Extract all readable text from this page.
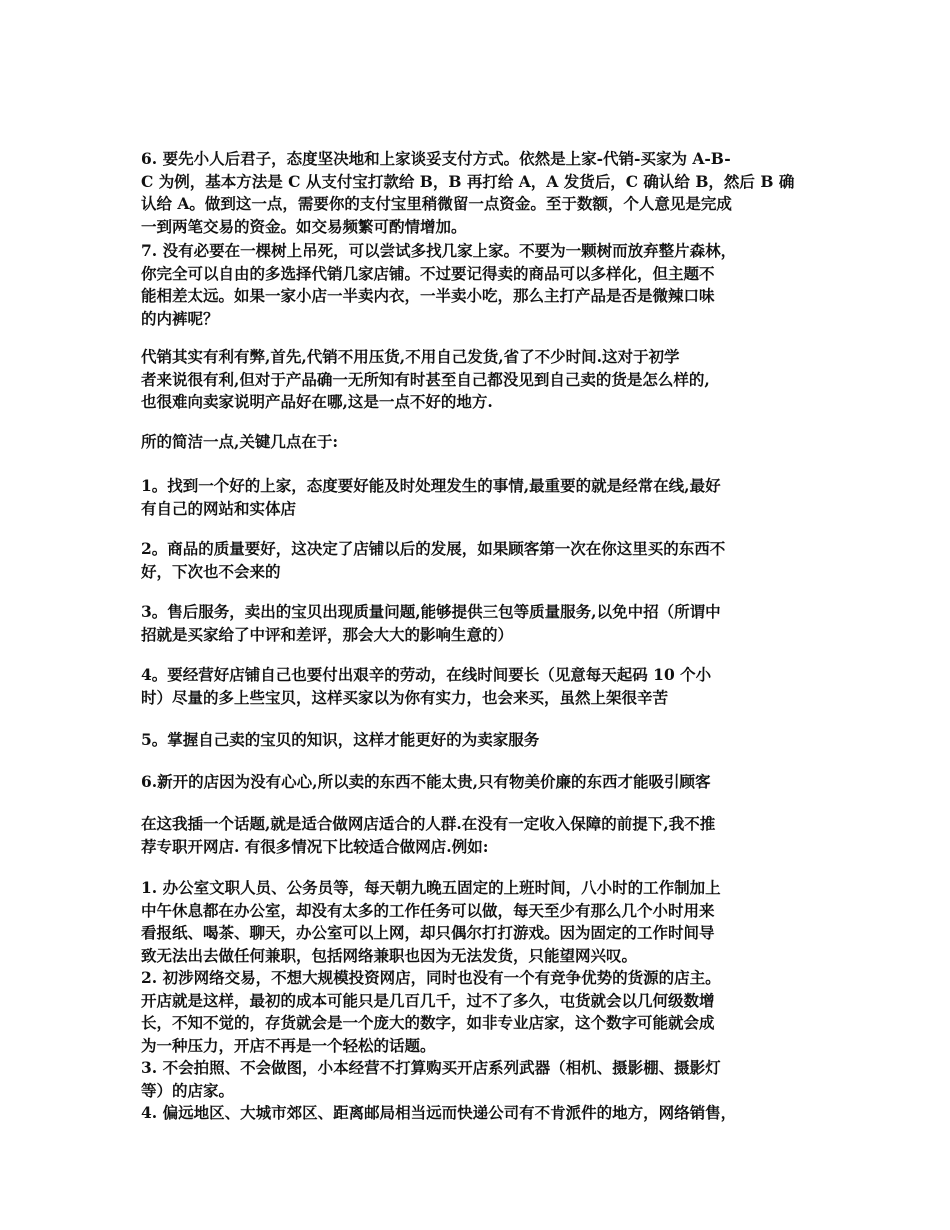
6. 要先小人后君子，态度坚决地和上家谈妥支付方式。依然是上家-代销-买家为 A-B-
C 为例，基本方法是 C 从支付宝打款给 B，B 再打给 A，A 发货后，C 确认给 B，然后 B 确
认给 A。做到这一点，需要你的支付宝里稍微留一点资金。至于数额，个人意见是完成
一到两笔交易的资金。如交易频繁可酌情增加。
7. 没有必要在一棵树上吊死，可以尝试多找几家上家。不要为一颗树而放弃整片森林，
你完全可以自由的多选择代销几家店铺。不过要记得卖的商品可以多样化，但主题不
能相差太远。如果一家小店一半卖内衣，一半卖小吃，那么主打产品是否是微辣口味
的内裤呢？
代销其实有利有弊,首先,代销不用压货,不用自己发货,省了不少时间.这对于初学
者来说很有利,但对于产品确一无所知有时甚至自己都没见到自己卖的货是怎么样的,
也很难向卖家说明产品好在哪,这是一点不好的地方.
所的简洁一点,关键几点在于:
1。找到一个好的上家，态度要好能及时处理发生的事情,最重要的就是经常在线,最好
有自己的网站和实体店
2。商品的质量要好，这决定了店铺以后的发展，如果顾客第一次在你这里买的东西不
好，下次也不会来的
3。售后服务，卖出的宝贝出现质量问题,能够提供三包等质量服务,以免中招（所谓中
招就是买家给了中评和差评，那会大大的影响生意的）
4。要经营好店铺自己也要付出艰辛的劳动，在线时间要长（见意每天起码 10 个小
时）尽量的多上些宝贝，这样买家以为你有实力，也会来买，虽然上架很辛苦
5。掌握自己卖的宝贝的知识，这样才能更好的为卖家服务
6.新开的店因为没有心心,所以卖的东西不能太贵,只有物美价廉的东西才能吸引顾客
在这我插一个话题,就是适合做网店适合的人群.在没有一定收入保障的前提下,我不推
荐专职开网店. 有很多情况下比较适合做网店.例如:
1. 办公室文职人员、公务员等，每天朝九晚五固定的上班时间，八小时的工作制加上
中午休息都在办公室，却没有太多的工作任务可以做，每天至少有那么几个小时用来
看报纸、喝茶、聊天，办公室可以上网，却只偶尔打打游戏。因为固定的工作时间导
致无法出去做任何兼职，包括网络兼职也因为无法发货，只能望网兴叹。
2. 初涉网络交易，不想大规模投资网店，同时也没有一个有竞争优势的货源的店主。
开店就是这样，最初的成本可能只是几百几千，过不了多久，屯货就会以几何级数增
长，不知不觉的，存货就会是一个庞大的数字，如非专业店家，这个数字可能就会成
为一种压力，开店不再是一个轻松的话题。
3. 不会拍照、不会做图，小本经营不打算购买开店系列武器（相机、摄影棚、摄影灯
等）的店家。
4. 偏远地区、大城市郊区、距离邮局相当远而快递公司有不肯派件的地方，网络销售，
